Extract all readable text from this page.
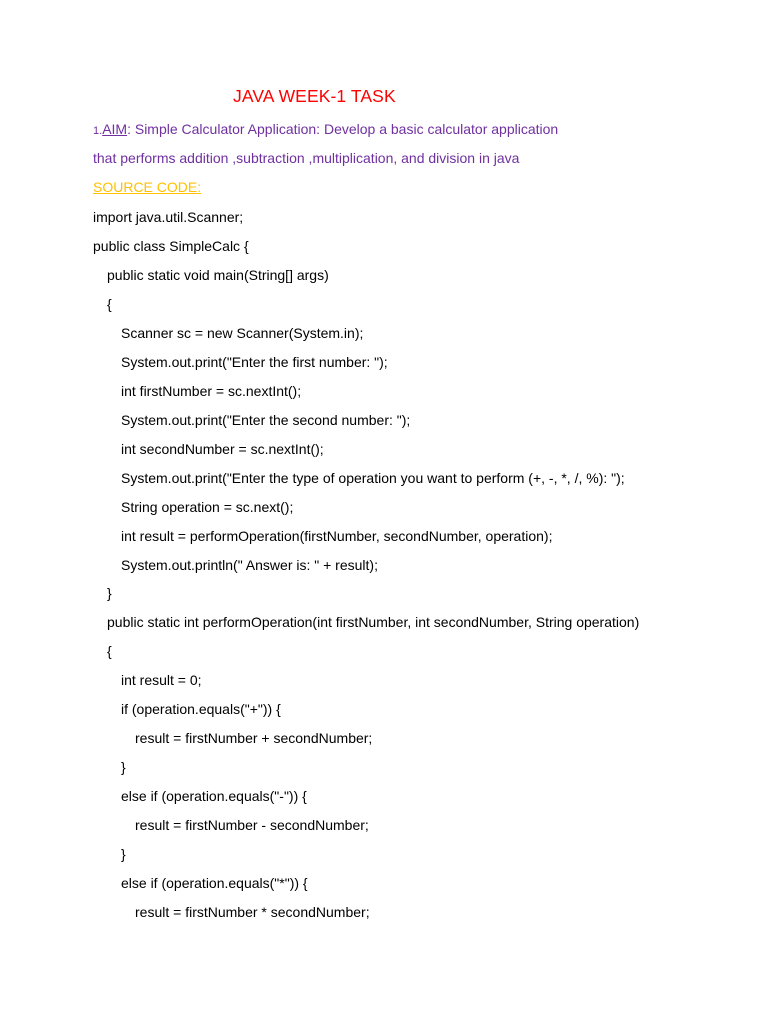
JAVA WEEK-1 TASK
1.AIM: Simple Calculator Application: Develop a basic calculator application
that performs addition ,subtraction ,multiplication, and division in java
SOURCE CODE:
import java.util.Scanner;
public class SimpleCalc {
public static void main(String[] args)
{
Scanner sc = new Scanner(System.in);
System.out.print("Enter the first number: ");
int firstNumber = sc.nextInt();
System.out.print("Enter the second number: ");
int secondNumber = sc.nextInt();
System.out.print("Enter the type of operation you want to perform (+, -, *, /, %): ");
String operation = sc.next();
int result = performOperation(firstNumber, secondNumber, operation);
System.out.println(" Answer is: " + result);
}
public static int performOperation(int firstNumber, int secondNumber, String operation)
{
int result = 0;
if (operation.equals("+")) {
result = firstNumber + secondNumber;
}
else if (operation.equals("-")) {
result = firstNumber - secondNumber;
}
else if (operation.equals("*")) {
result = firstNumber * secondNumber;
